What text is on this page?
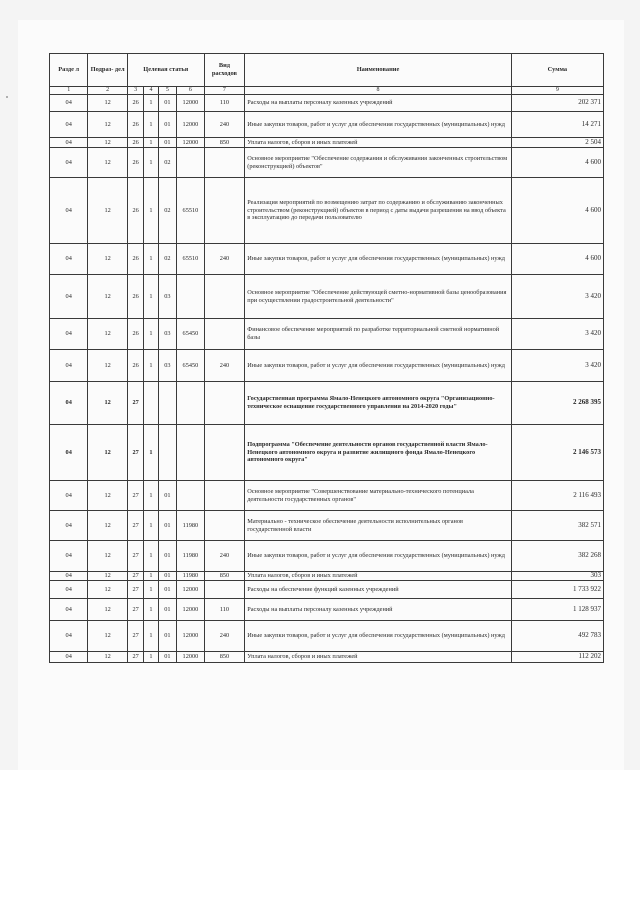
Разде л	Подраз- дел	Целевая статья				Вид расходов	Наименование	Сумма
1	2	3	4	5	6	7	8	9
04	12	26	1	01	12000	110	Расходы на выплаты персоналу казенных учреждений	202 371
04	12	26	1	01	12000	240	Иные закупки товаров, работ и услуг для обеспечения государственных (муниципальных) нужд	14 271
04	12	26	1	01	12000	850	Уплата налогов, сборов и иных платежей	2 504
04	12	26	1	02			Основное мероприятие "Обеспечение содержания и обслуживания законченных строительством (реконструкцией) объектов"	4 600
04	12	26	1	02	65510		Реализация мероприятий по возмещению затрат по содержанию и обслуживанию законченных строительством (реконструкцией) объектов в период с даты выдачи разрешения на ввод объекта в эксплуатацию до передачи пользователю	4 600
04	12	26	1	02	65510	240	Иные закупки товаров, работ и услуг для обеспечения государственных (муниципальных) нужд	4 600
04	12	26	1	03			Основное мероприятие "Обеспечение действующей сметно-нормативной базы ценообразования при осуществлении градостроительной деятельности"	3 420
04	12	26	1	03	65450		Финансовое обеспечение мероприятий по разработке территориальной сметной нормативной базы	3 420
04	12	26	1	03	65450	240	Иные закупки товаров, работ и услуг для обеспечения государственных (муниципальных) нужд	3 420
04	12	27					Государственная программа Ямало-Ненецкого автономного округа "Организационно-техническое оснащение государственного управления на 2014-2020 годы"	2 268 395
04	12	27	1				Подпрограмма "Обеспечение деятельности органов государственной власти Ямало-Ненецкого автономного округа и развитие жилищного фонда Ямало-Ненецкого автономного округа"	2 146 573
04	12	27	1	01			Основное мероприятие "Совершенствование материально-технического потенциала деятельности государственных органов"	2 116 493
04	12	27	1	01	11980		Материально - техническое обеспечение деятельности исполнительных органов государственной власти	382 571
04	12	27	1	01	11980	240	Иные закупки товаров, работ и услуг для обеспечения государственных (муниципальных) нужд	382 268
04	12	27	1	01	11980	850	Уплата налогов, сборов и иных платежей	303
04	12	27	1	01	12000		Расходы на обеспечение функций казенных учреждений	1 733 922
04	12	27	1	01	12000	110	Расходы на выплаты персоналу казенных учреждений	1 128 937
04	12	27	1	01	12000	240	Иные закупки товаров, работ и услуг для обеспечения государственных (муниципальных) нужд	492 783
04	12	27	1	01	12000	850	Уплата налогов, сборов и иных платежей	112 202
